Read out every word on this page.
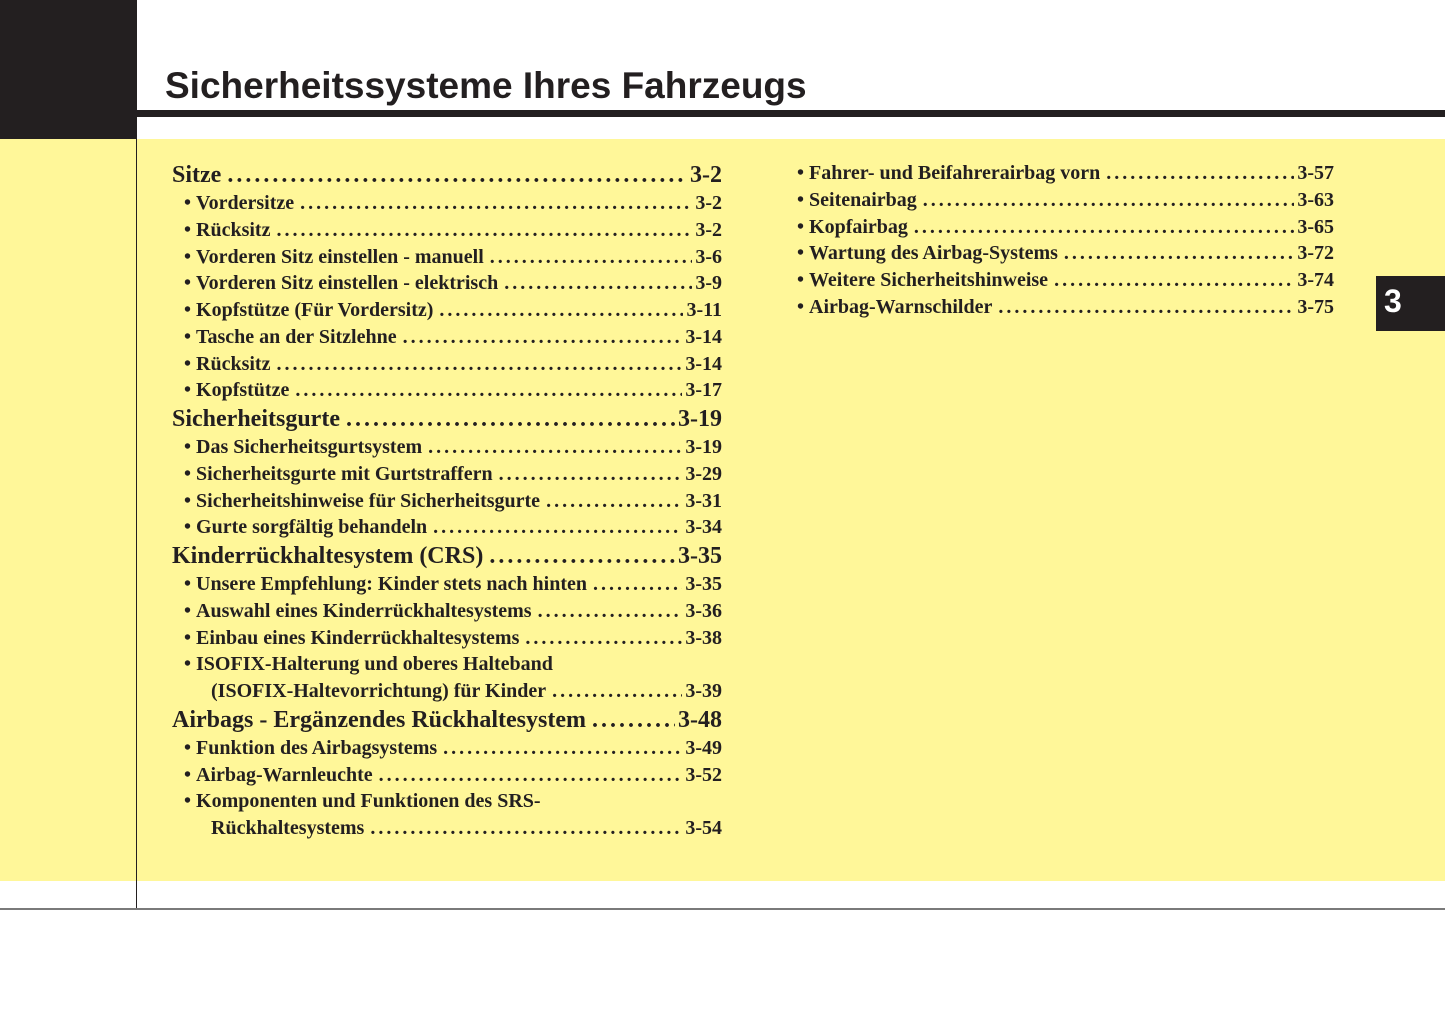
Sicherheitssysteme Ihres Fahrzeugs
3
Sitze .....	3-2
• Vordersitze .....	3-2
• Rücksitz .....	3-2
• Vorderen Sitz einstellen - manuell .....	3-6
• Vorderen Sitz einstellen - elektrisch .....	3-9
• Kopfstütze (Für Vordersitz) .....	3-11
• Tasche an der Sitzlehne .....	3-14
• Rücksitz .....	3-14
• Kopfstütze .....	3-17
Sicherheitsgurte .....	3-19
• Das Sicherheitsgurtsystem .....	3-19
• Sicherheitsgurte mit Gurtstraffern .....	3-29
• Sicherheitshinweise für Sicherheitsgurte .....	3-31
• Gurte sorgfältig behandeln .....	3-34
Kinderrückhaltesystem (CRS) .....	3-35
• Unsere Empfehlung: Kinder stets nach hinten .....	3-35
• Auswahl eines Kinderrückhaltesystems .....	3-36
• Einbau eines Kinderrückhaltesystems .....	3-38
• ISOFIX-Halterung und oberes Halteband
(ISOFIX-Haltevorrichtung) für Kinder .....	3-39
Airbags - Ergänzendes Rückhaltesystem .....	3-48
• Funktion des Airbagsystems .....	3-49
• Airbag-Warnleuchte .....	3-52
• Komponenten und Funktionen des SRS-
Rückhaltesystems .....	3-54
• Fahrer- und Beifahrerairbag vorn .....	3-57
• Seitenairbag .....	3-63
• Kopfairbag .....	3-65
• Wartung des Airbag-Systems .....	3-72
• Weitere Sicherheitshinweise .....	3-74
• Airbag-Warnschilder .....	3-75
